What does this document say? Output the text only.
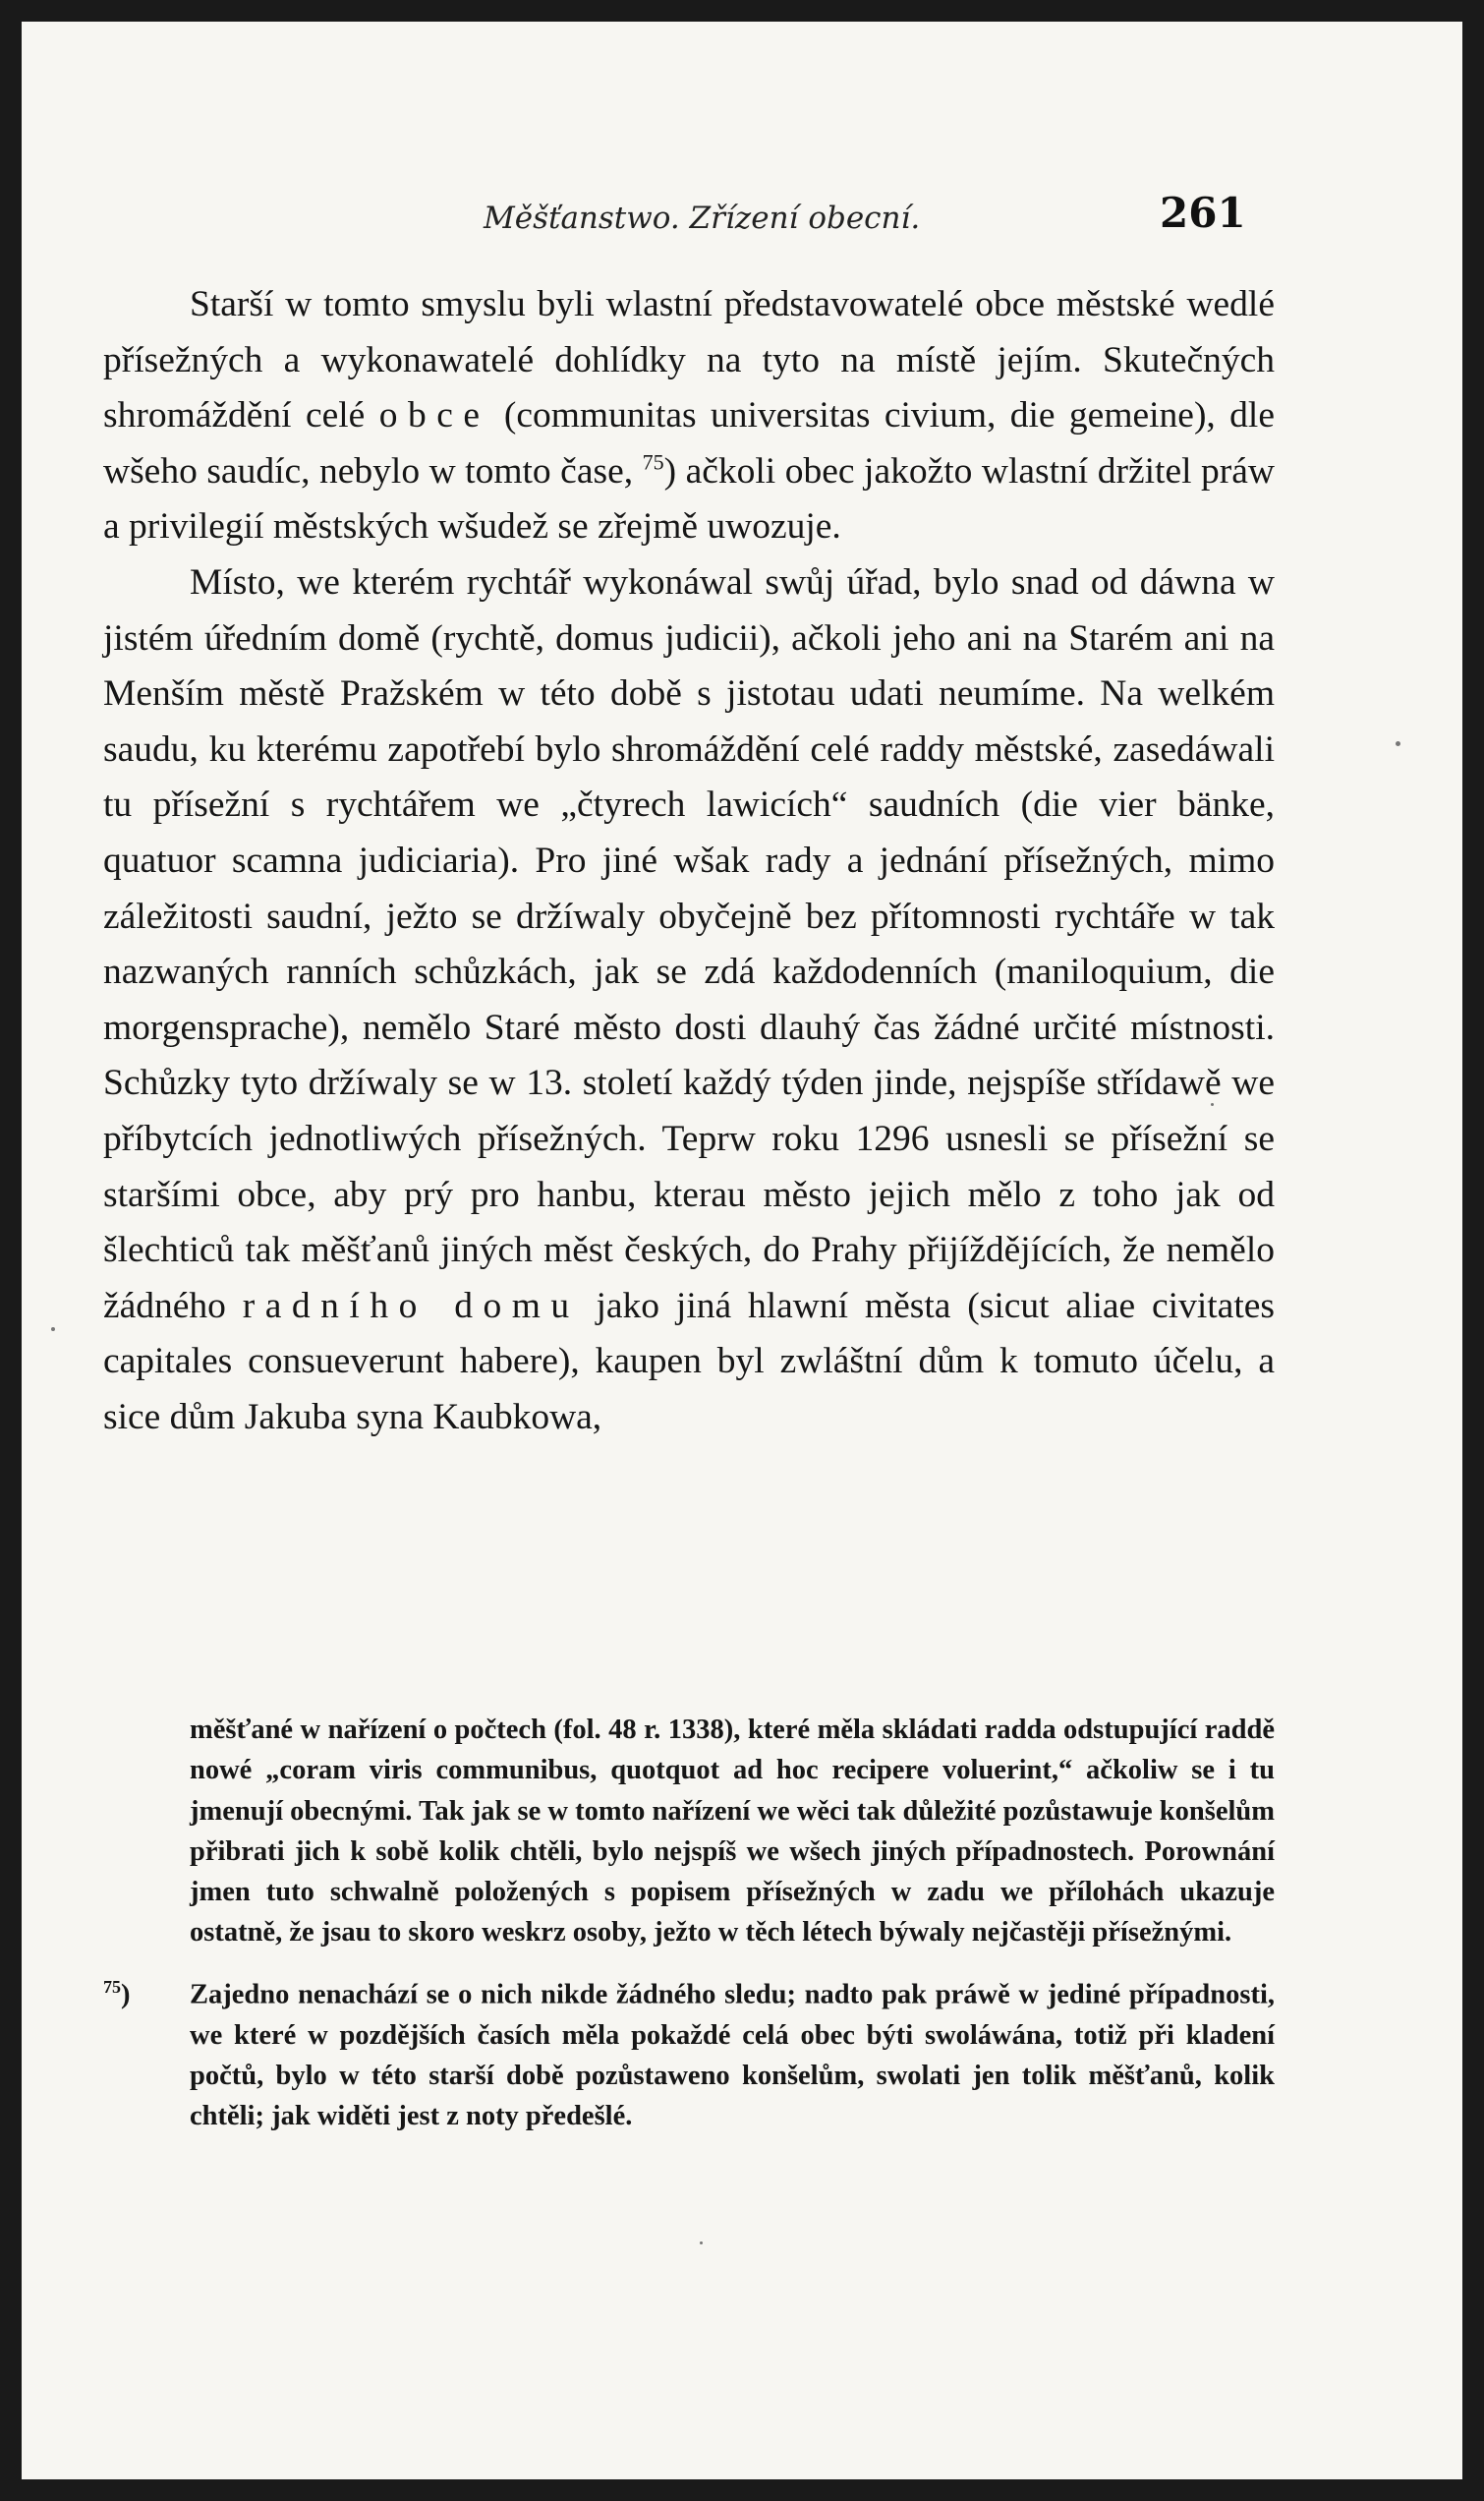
Měšťanstwo. Zřízení obecní.	261

Starší w tomto smyslu byli wlastní představowatelé obce městské wedlé přísežných a wykonawatelé dohlídky na tyto na místě jejím. Skutečných shromáždění celé obce (communitas universitas civium, die gemeine), dle wšeho saudíc, nebylo w tomto čase, $^{75}$) ačkoli obec jakožto wlastní držitel práw a privilegií městských wšudež se zřejmě uwozuje.

Místo, we kterém rychtář wykonáwal swůj úřad, bylo snad od dáwna w jistém úředním domě (rychtě, domus judicii), ačkoli jeho ani na Starém ani na Menším městě Pražském w této době s jistotau udati neumíme. Na welkém saudu, ku kterému zapotřebí bylo shromáždění celé raddy městské, zasedáwali tu přísežní s rychtářem we „čtyrech lawicích“ saudních (die vier bänke, quatuor scamna judiciaria). Pro jiné wšak rady a jednání přísežných, mimo záležitosti saudní, ježto se držíwaly obyčejně bez přítomnosti rychtáře w tak nazwaných ranních schůzkách, jak se zdá každodenních (maniloquium, die morgensprache), nemělo Staré město dosti dlauhý čas žádné určité místnosti. Schůzky tyto držíwaly se w 13. století každý týden jinde, nejspíše střídawě we příbytcích jednotliwých přísežných. Teprw roku 1296 usnesli se přísežní se staršími obce, aby prý pro hanbu, kterau město jejich mělo z toho jak od šlechticů tak měšťanů jiných měst českých, do Prahy přijíždějících, že nemělo žádného radního domu jako jiná hlawní města (sicut aliae civitates capitales consueverunt habere), kaupen byl zwláštní dům k tomuto účelu, a sice dům Jakuba syna Kaubkowa,

měšťané w nařízení o počtech (fol. 48 r. 1338), které měla skládati radda odstupující raddě nowé „coram viris communibus, quotquot ad hoc recipere voluerint,“ ačkoliw se i tu jmenují obecnými. Tak jak se w tomto nařízení we wěci tak důležité pozůstawuje konšelům přibrati jich k sobě kolik chtěli, bylo nejspíš we wšech jiných případnostech. Porownání jmen tuto schwalně položených s popisem přísežných w zadu we přílohách ukazuje ostatně, že jsau to skoro weskrz osoby, ježto w těch létech býwaly nejčastěji přísežnými.

$^{75}$) Zajedno nenachází se o nich nikde žádného sledu; nadto pak práwě w jediné případnosti, we které w pozdějších časích měla pokaždé celá obec býti swoláwána, totiž při kladení počtů, bylo w této starší době pozůstaweno konšelům, swolati jen tolik měšťanů, kolik chtěli; jak widěti jest z noty předešlé.
